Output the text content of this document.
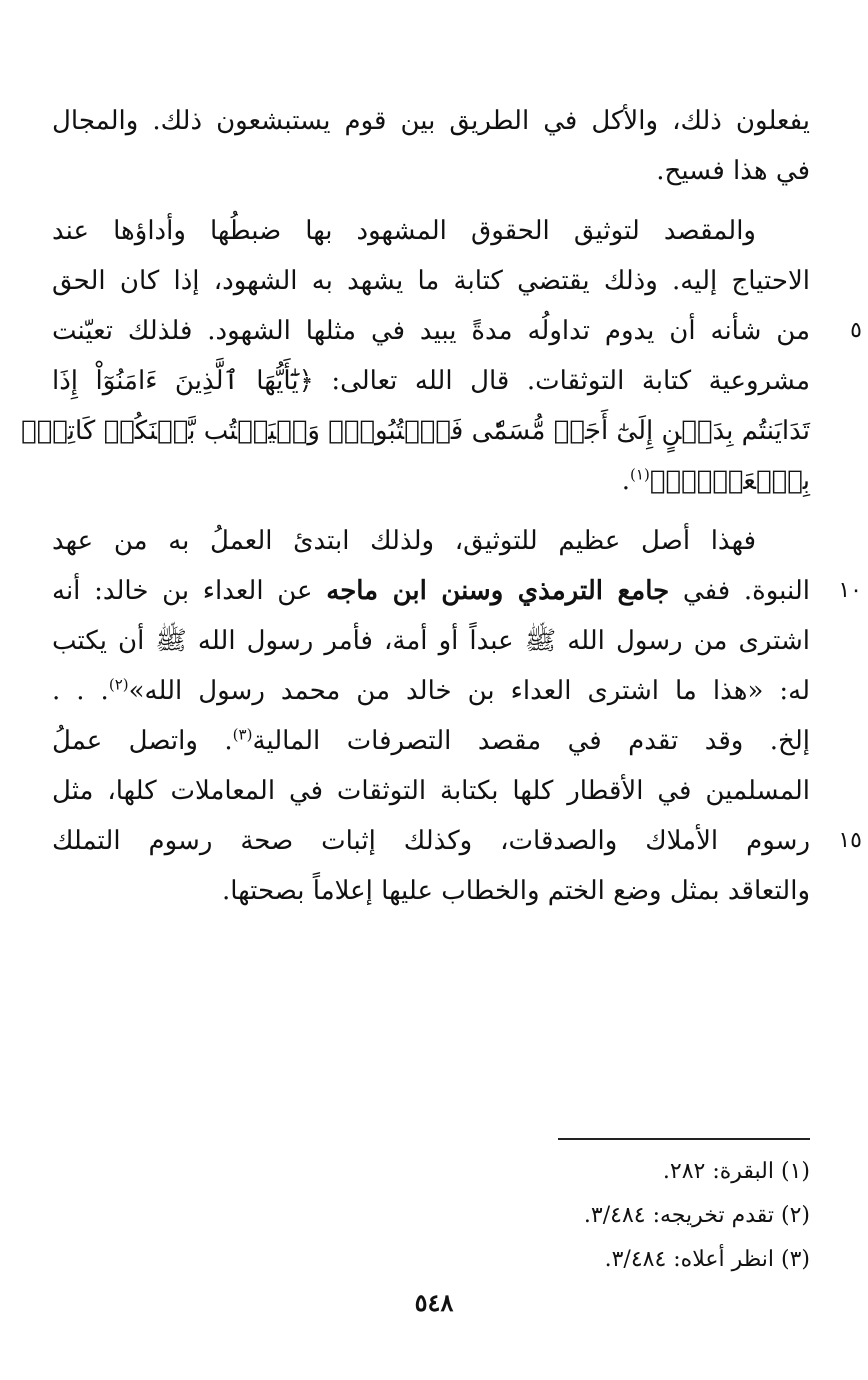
يفعلون ذلك، والأكل في الطريق بين قوم يستبشعون ذلك. والمجال
في هذا فسيح.
والمقصد لتوثيق الحقوق المشهود بها ضبطُها وأداؤها عند
الاحتياج إليه. وذلك يقتضي كتابة ما يشهد به الشهود، إذا كان الحق
٥
من شأنه أن يدوم تداولُه مدةً يبيد في مثلها الشهود. فلذلك تعيّنت
مشروعية كتابة التوثقات. قال الله تعالى: ﴿يَٰٓأَيُّهَا ٱلَّذِينَ ءَامَنُوٓاْ إِذَا
تَدَايَنتُم بِدَيۡنٍ إِلَىٰٓ أَجَلٖ مُّسَمّٗى فَٱكۡتُبُوهُۚ وَلۡيَكۡتُب بَّيۡنَكُمۡ كَاتِبُۢ
بِٱلۡعَدۡلِۚ﴾$^{(١)}$.
فهذا أصل عظيم للتوثيق، ولذلك ابتدئ العملُ به من عهد
١٠
النبوة. ففي جامع الترمذي وسنن ابن ماجه عن العداء بن خالد: أنه
اشترى من رسول الله ﷺ عبداً أو أمة، فأمر رسول الله ﷺ أن يكتب
له: «هذا ما اشترى العداء بن خالد من محمد رسول الله»$^{(٢)}$. . .
إلخ. وقد تقدم في مقصد التصرفات المالية$^{(٣)}$. واتصل عملُ
المسلمين في الأقطار كلها بكتابة التوثقات في المعاملات كلها، مثل
١٥
رسوم الأملاك والصدقات، وكذلك إثبات صحة رسوم التملك
والتعاقد بمثل وضع الختم والخطاب عليها إعلاماً بصحتها.
(١) البقرة: ٢٨٢.
(٢) تقدم تخريجه: ٣/٤٨٤.
(٣) انظر أعلاه: ٣/٤٨٤.
٥٤٨
